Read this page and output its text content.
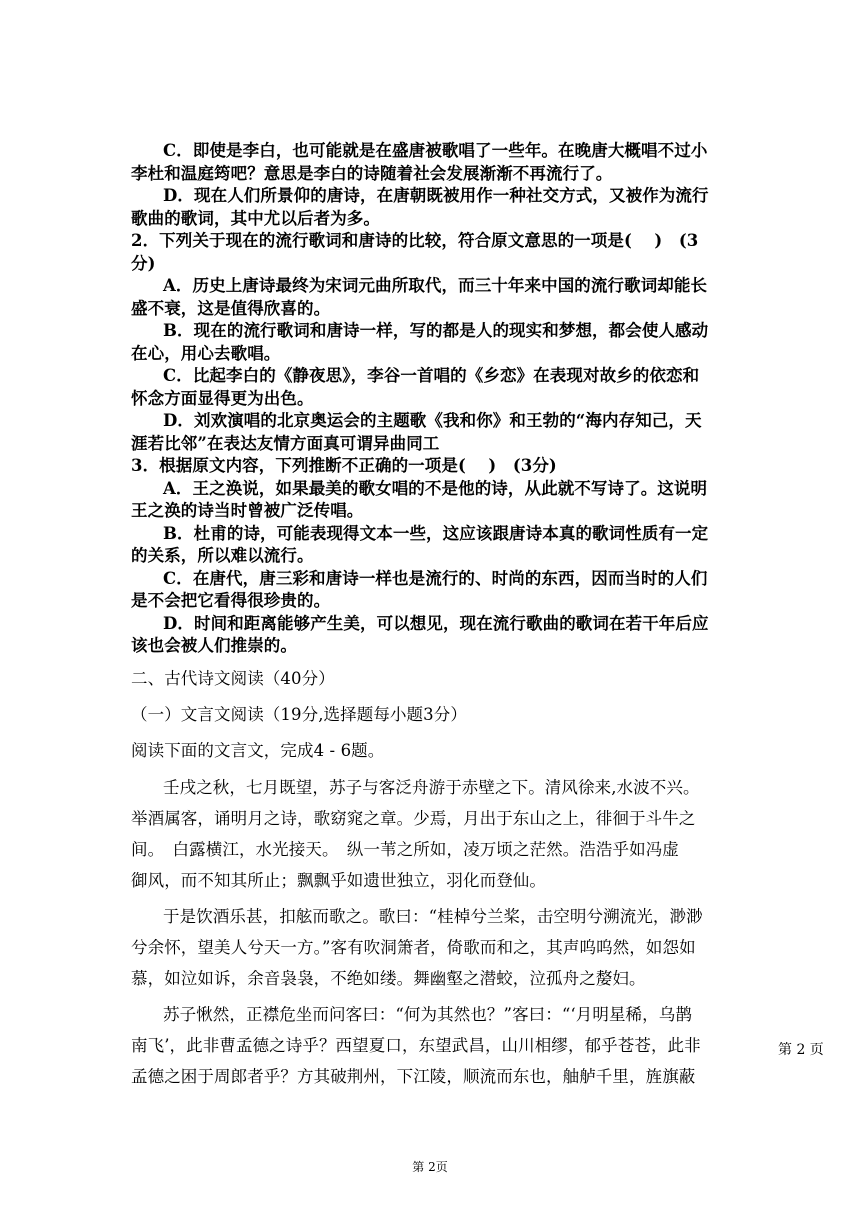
C．即使是李白，也可能就是在盛唐被歌唱了一些年。在晚唐大概唱不过小
李杜和温庭筠吧？意思是李白的诗随着社会发展渐渐不再流行了。
D．现在人们所景仰的唐诗，在唐朝既被用作一种社交方式，又被作为流行
歌曲的歌词，其中尤以后者为多。
2．下列关于现在的流行歌词和唐诗的比较，符合原文意思的一项是(　 )　(3
分)
A．历史上唐诗最终为宋词元曲所取代，而三十年来中国的流行歌词却能长
盛不衰，这是值得欣喜的。
B．现在的流行歌词和唐诗一样，写的都是人的现实和梦想，都会使人感动
在心，用心去歌唱。
C．比起李白的《静夜思》，李谷一首唱的《乡恋》在表现对故乡的依恋和
怀念方面显得更为出色。
D．刘欢演唱的北京奥运会的主题歌《我和你》和王勃的“海内存知己，天
涯若比邻”在表达友情方面真可谓异曲同工
3．根据原文内容，下列推断不正确的一项是(　 )　(3分)
A．王之涣说，如果最美的歌女唱的不是他的诗，从此就不写诗了。这说明
王之涣的诗当时曾被广泛传唱。
B．杜甫的诗，可能表现得文本一些，这应该跟唐诗本真的歌词性质有一定
的关系，所以难以流行。
C．在唐代，唐三彩和唐诗一样也是流行的、时尚的东西，因而当时的人们
是不会把它看得很珍贵的。
D．时间和距离能够产生美，可以想见，现在流行歌曲的歌词在若干年后应
该也会被人们推崇的。
二、古代诗文阅读（40分）
（一）文言文阅读（19分,选择题每小题3分）
阅读下面的文言文，完成4 - 6题。
壬戌之秋，七月既望，苏子与客泛舟游于赤壁之下。清风徐来,水波不兴。
举酒属客，诵明月之诗，歌窈窕之章。少焉，月出于东山之上，徘徊于斗牛之
间。　白露横江，水光接天。　纵一苇之所如，凌万顷之茫然。浩浩乎如冯虚
御风，而不知其所止；飘飘乎如遗世独立，羽化而登仙。
于是饮酒乐甚，扣舷而歌之。歌曰：“桂棹兮兰桨，击空明兮溯流光，渺渺
兮余怀，望美人兮天一方。”客有吹洞箫者，倚歌而和之，其声呜呜然，如怨如
慕，如泣如诉，余音袅袅，不绝如缕。舞幽壑之潜蛟，泣孤舟之嫠妇。
苏子愀然，正襟危坐而问客曰：“何为其然也？”客曰：“‘月明星稀，乌鹊
南飞’，此非曹孟德之诗乎？西望夏口，东望武昌，山川相缪，郁乎苍苍，此非
孟德之困于周郎者乎？方其破荆州，下江陵，顺流而东也，舳舻千里，旌旗蔽
第 2 页
第 2页
